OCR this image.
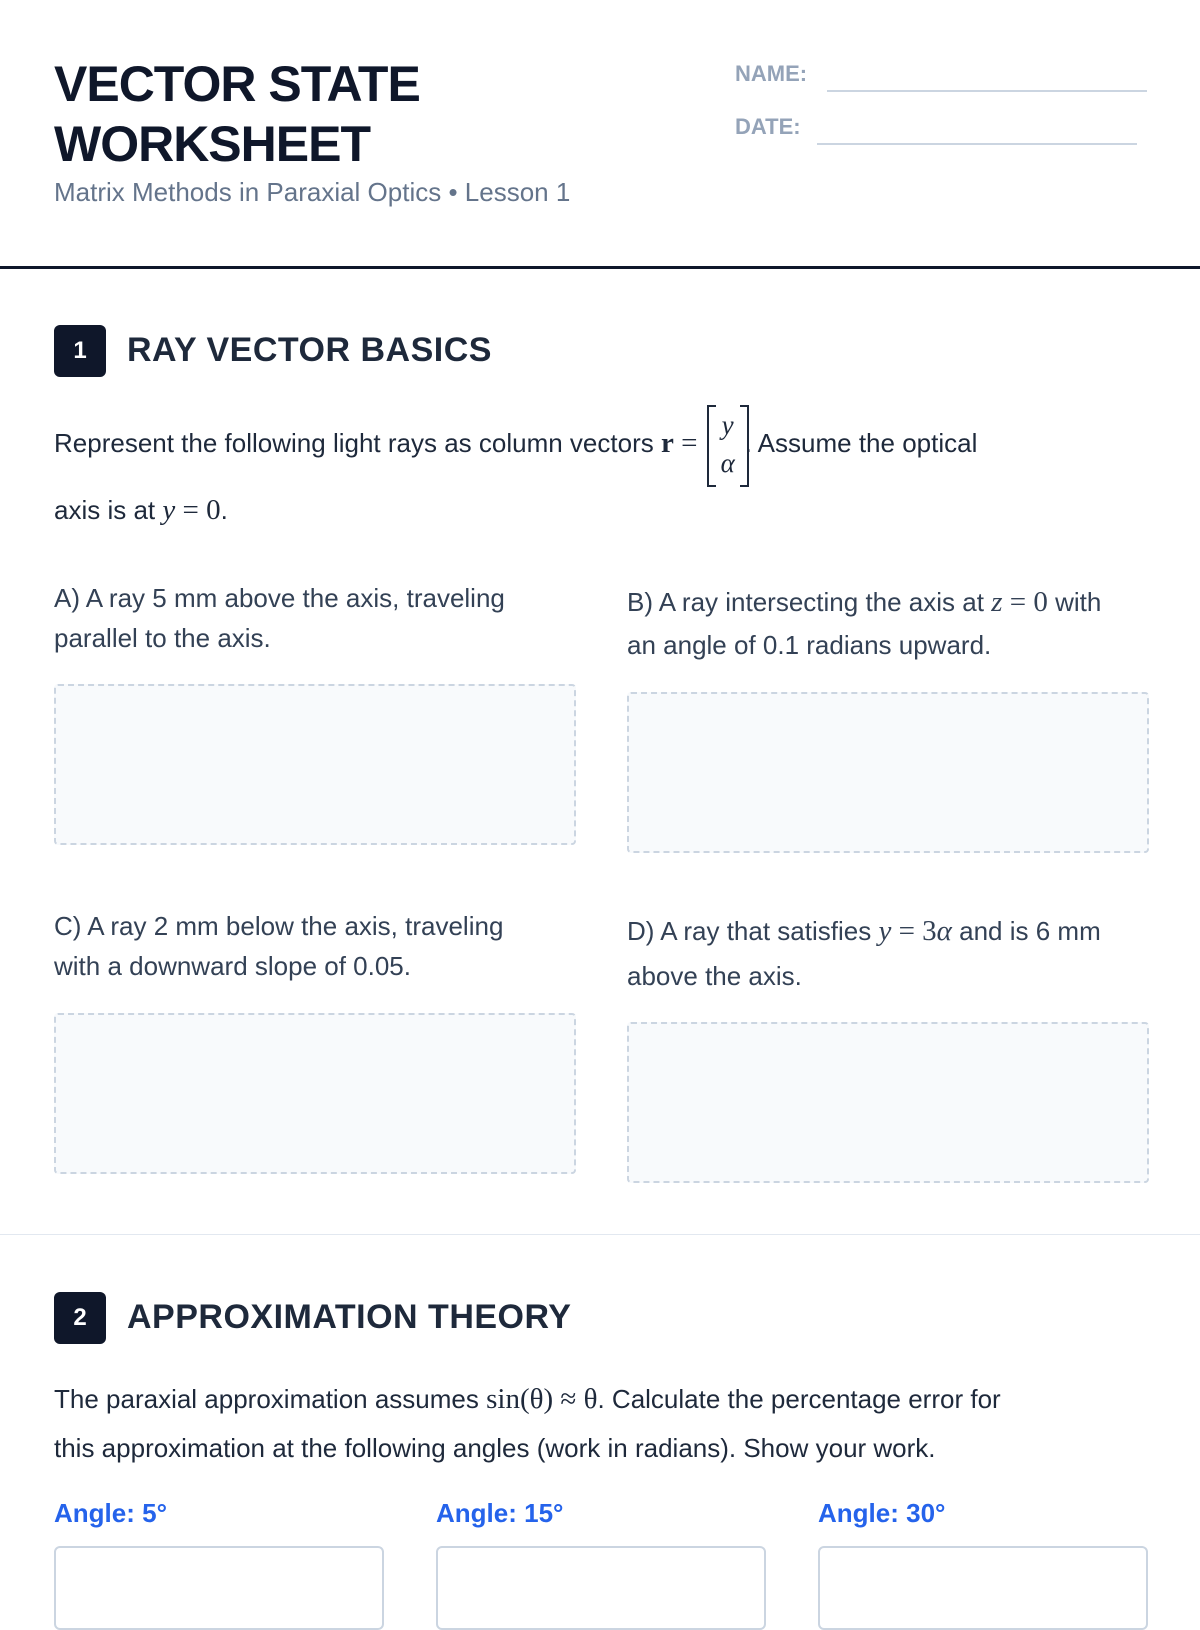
VECTOR STATE WORKSHEET
Matrix Methods in Paraxial Optics • Lesson 1
NAME:
DATE:
1	RAY VECTOR BASICS
Represent the following light rays as column vectors r =
y
α
. Assume the optical
axis is at y = 0.
A) A ray 5 mm above the axis, traveling parallel to the axis.
B) A ray intersecting the axis at z = 0 with an angle of 0.1 radians upward.
C) A ray 2 mm below the axis, traveling with a downward slope of 0.05.
D) A ray that satisfies y = 3α and is 6 mm above the axis.
2	APPROXIMATION THEORY
The paraxial approximation assumes sin(θ) ≈ θ. Calculate the percentage error for
this approximation at the following angles (work in radians). Show your work.
Angle: 5°	Angle: 15°	Angle: 30°
